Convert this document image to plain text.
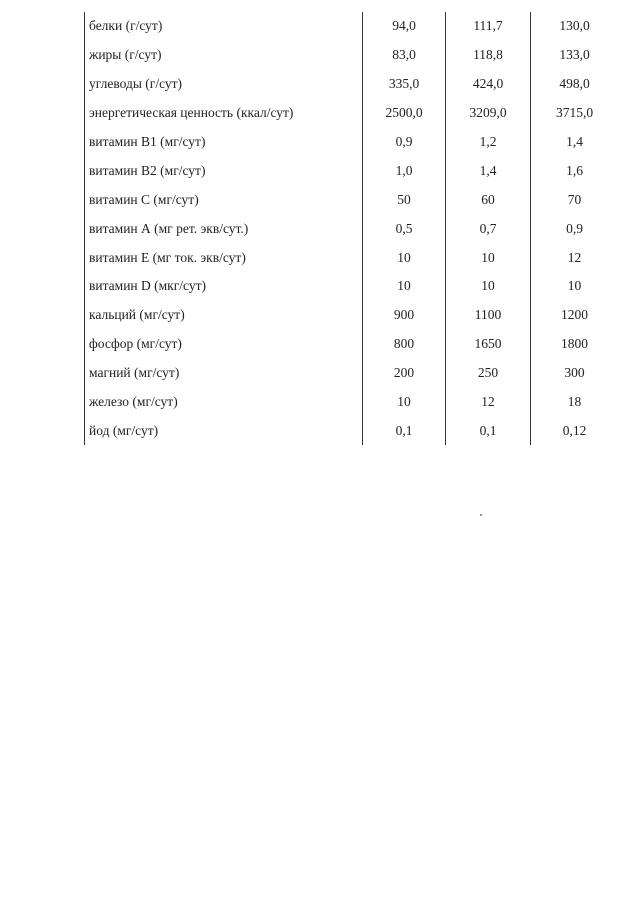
белки (г/сут)	94,0	111,7	130,0
жиры (г/сут)	83,0	118,8	133,0
углеводы (г/сут)	335,0	424,0	498,0
энергетическая ценность (ккал/сут)	2500,0	3209,0	3715,0
витамин В1 (мг/сут)	0,9	1,2	1,4
витамин В2 (мг/сут)	1,0	1,4	1,6
витамин С (мг/сут)	50	60	70
витамин А (мг рет. экв/сут.)	0,5	0,7	0,9
витамин Е (мг ток. экв/сут)	10	10	12
витамин D (мкг/сут)	10	10	10
кальций (мг/сут)	900	1100	1200
фосфор (мг/сут)	800	1650	1800
магний (мг/сут)	200	250	300
железо (мг/сут)	10	12	18
йод (мг/сут)	0,1	0,1	0,12
